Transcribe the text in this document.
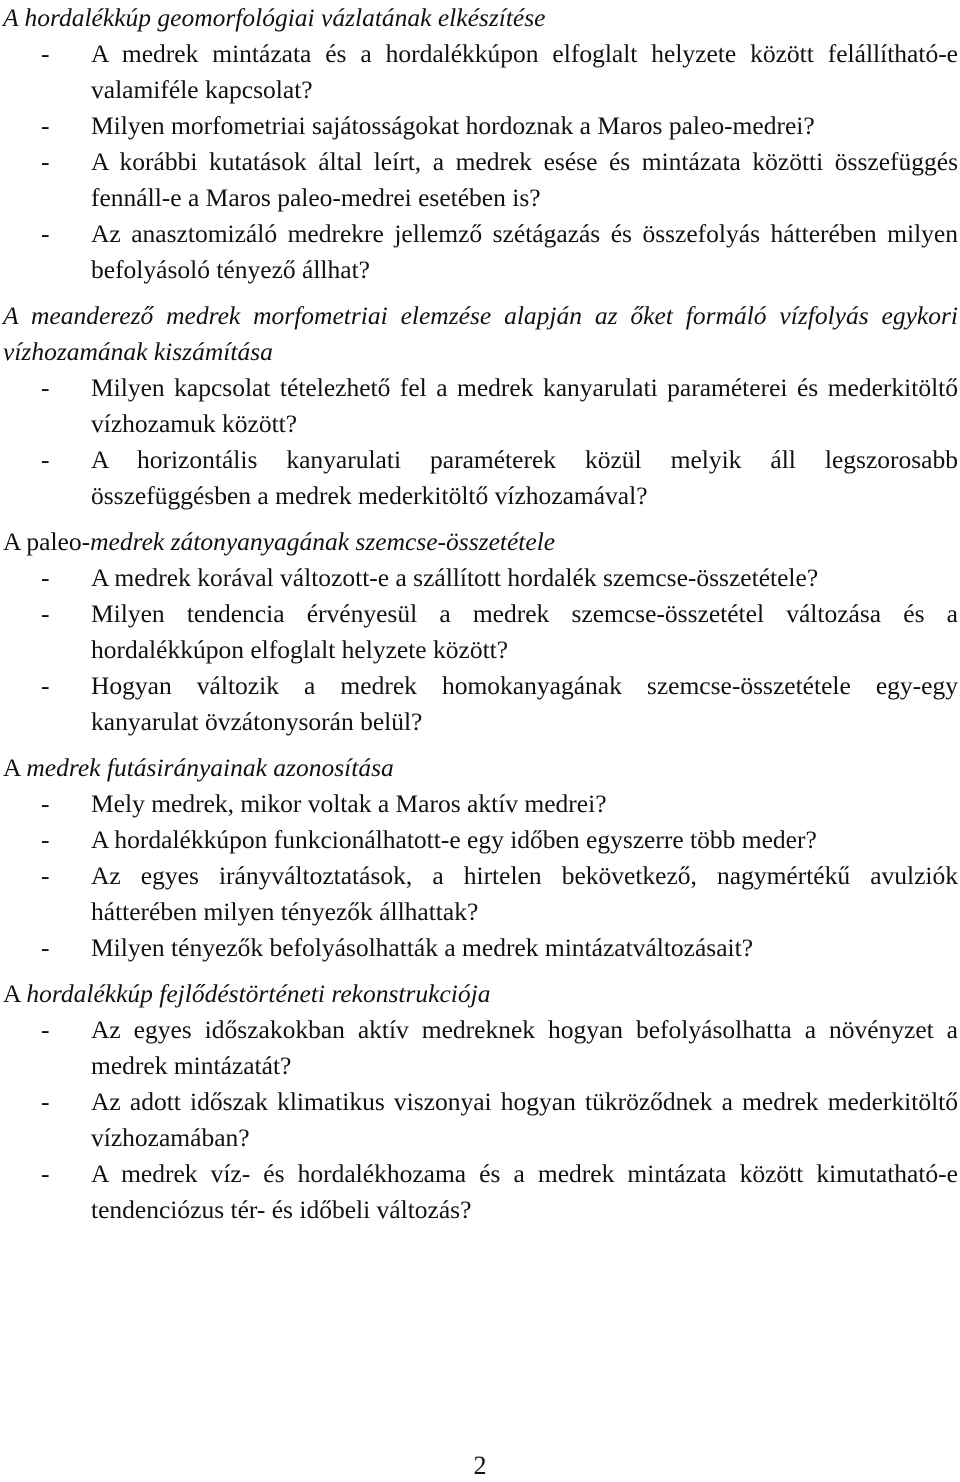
A hordalékkúp geomorfológiai vázlatának elkészítése

- A medrek mintázata és a hordalékkúpon elfoglalt helyzete között felállítható-e valamiféle kapcsolat?
- Milyen morfometriai sajátosságokat hordoznak a Maros paleo-medrei?
- A korábbi kutatások által leírt, a medrek esése és mintázata közötti összefüggés fennáll-e a Maros paleo-medrei esetében is?
- Az anasztomizáló medrekre jellemző szétágazás és összefolyás hátterében milyen befolyásoló tényező állhat?

A meanderező medrek morfometriai elemzése alapján az őket formáló vízfolyás egykori vízhozamának kiszámítása

- Milyen kapcsolat tételezhető fel a medrek kanyarulati paraméterei és mederkitöltő vízhozamuk között?
- A horizontális kanyarulati paraméterek közül melyik áll legszorosabb összefüggésben a medrek mederkitöltő vízhozamával?

A paleo-medrek zátonyanyagának szemcse-összetétele

- A medrek korával változott-e a szállított hordalék szemcse-összetétele?
- Milyen tendencia érvényesül a medrek szemcse-összetétel változása és a hordalékkúpon elfoglalt helyzete között?
- Hogyan változik a medrek homokanyagának szemcse-összetétele egy-egy kanyarulat övzátonysorán belül?

A medrek futásirányainak azonosítása

- Mely medrek, mikor voltak a Maros aktív medrei?
- A hordalékkúpon funkcionálhatott-e egy időben egyszerre több meder?
- Az egyes irányváltoztatások, a hirtelen bekövetkező, nagymértékű avulziók hátterében milyen tényezők állhattak?
- Milyen tényezők befolyásolhatták a medrek mintázatváltozásait?

A hordalékkúp fejlődéstörténeti rekonstrukciója

- Az egyes időszakokban aktív medreknek hogyan befolyásolhatta a növényzet a medrek mintázatát?
- Az adott időszak klimatikus viszonyai hogyan tükröződnek a medrek mederkitöltő vízhozamában?
- A medrek víz- és hordalékhozama és a medrek mintázata között kimutatható-e tendenciózus tér- és időbeli változás?
2
